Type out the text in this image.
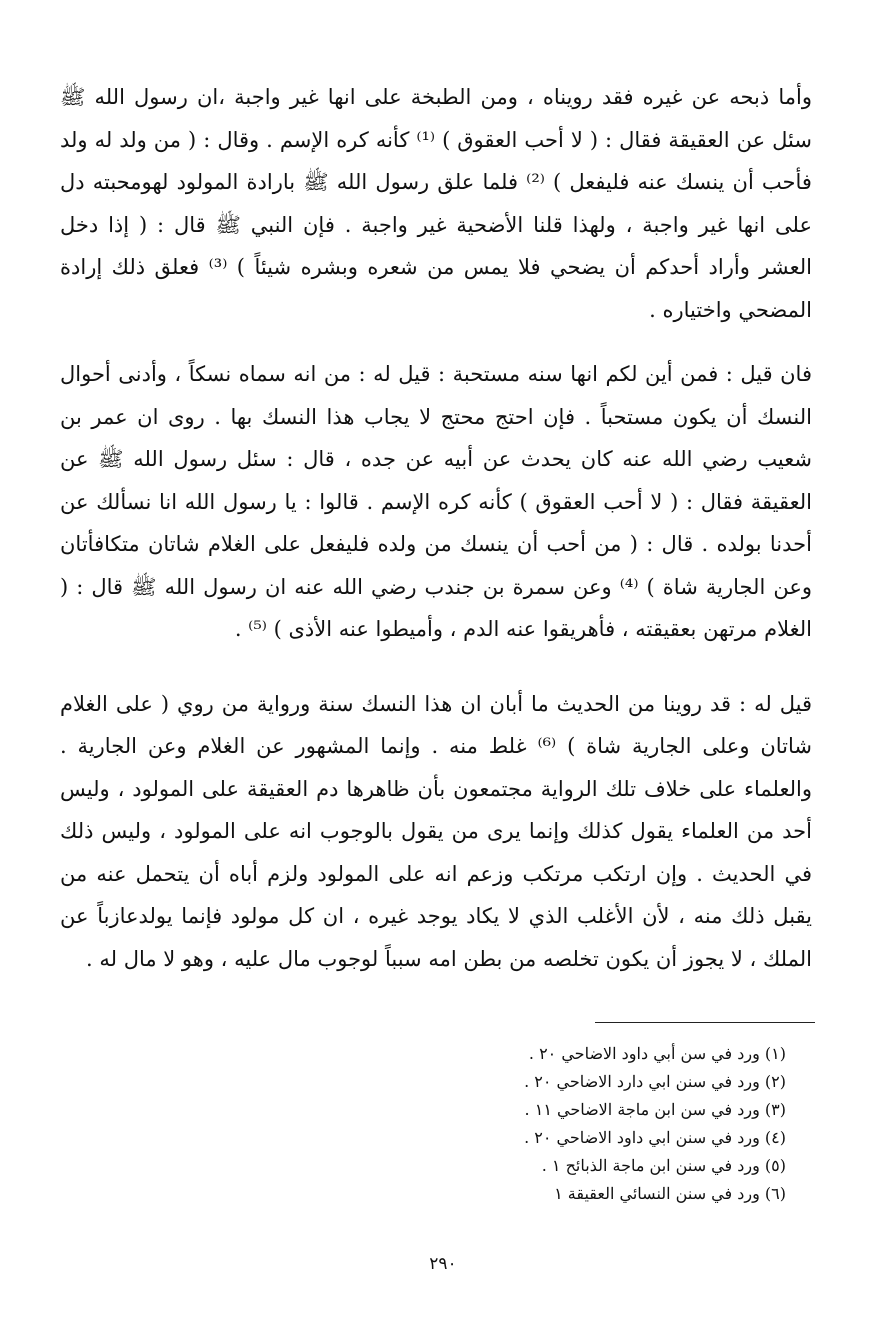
وأما ذبحه عن غيره فقد رويناه ، ومن الطبخة على انها غير واجبة ،ان رسول الله ﷺ سئل عن العقيقة فقال : ( لا أحب العقوق ) ⁽¹⁾ كأنه كره الإسم . وقال : ( من ولد له ولد فأحب أن ينسك عنه فليفعل ) ⁽²⁾ فلما علق رسول الله ﷺ بارادة المولود لهومحبته دل على انها غير واجبة ، ولهذا قلنا الأضحية غير واجبة . فإن النبي ﷺ قال : ( إذا دخل العشر وأراد أحدكم أن يضحي فلا يمس من شعره وبشره شيئاً ) ⁽³⁾ فعلق ذلك إرادة المضحي واختياره .

فان قيل : فمن أين لكم انها سنه مستحبة : قيل له : من انه سماه نسكاً ، وأدنى أحوال النسك أن يكون مستحباً . فإن احتج محتج لا يجاب هذا النسك بها . روى ان عمر بن شعيب رضي الله عنه كان يحدث عن أبيه عن جده ، قال : سئل رسول الله ﷺ عن العقيقة فقال : ( لا أحب العقوق ) كأنه كره الإسم . قالوا : يا رسول الله انا نسألك عن أحدنا بولده . قال : ( من أحب أن ينسك من ولده فليفعل على الغلام شاتان متكافأتان وعن الجارية شاة ) ⁽⁴⁾ وعن سمرة بن جندب رضي الله عنه ان رسول الله ﷺ قال : ( الغلام مرتهن بعقيقته ، فأهريقوا عنه الدم ، وأميطوا عنه الأذى ) ⁽⁵⁾ .

قيل له : قد روينا من الحديث ما أبان ان هذا النسك سنة ورواية من روي ( على الغلام شاتان وعلى الجارية شاة ) ⁽⁶⁾ غلط منه . وإنما المشهور عن الغلام وعن الجارية . والعلماء على خلاف تلك الرواية مجتمعون بأن ظاهرها دم العقيقة على المولود ، وليس أحد من العلماء يقول كذلك وإنما يرى من يقول بالوجوب انه على المولود ، وليس ذلك في الحديث . وإن ارتكب مرتكب وزعم انه على المولود ولزم أباه أن يتحمل عنه من يقبل ذلك منه ، لأن الأغلب الذي لا يكاد يوجد غيره ، ان كل مولود فإنما يولدعازباً عن الملك ، لا يجوز أن يكون تخلصه من بطن امه سبباً لوجوب مال عليه ، وهو لا مال له .

(١) ورد في سن أبي داود الاضاحي ٢٠ .
(٢) ورد في سنن ابي دارد الاضاحي ٢٠ .
(٣) ورد في سن ابن ماجة الاضاحي ١١ .
(٤) ورد في سنن ابي داود الاضاحي ٢٠ .
(٥) ورد في سنن ابن ماجة الذبائح ١ .
(٦) ورد في سنن النسائي العقيقة ١
٢٩٠
